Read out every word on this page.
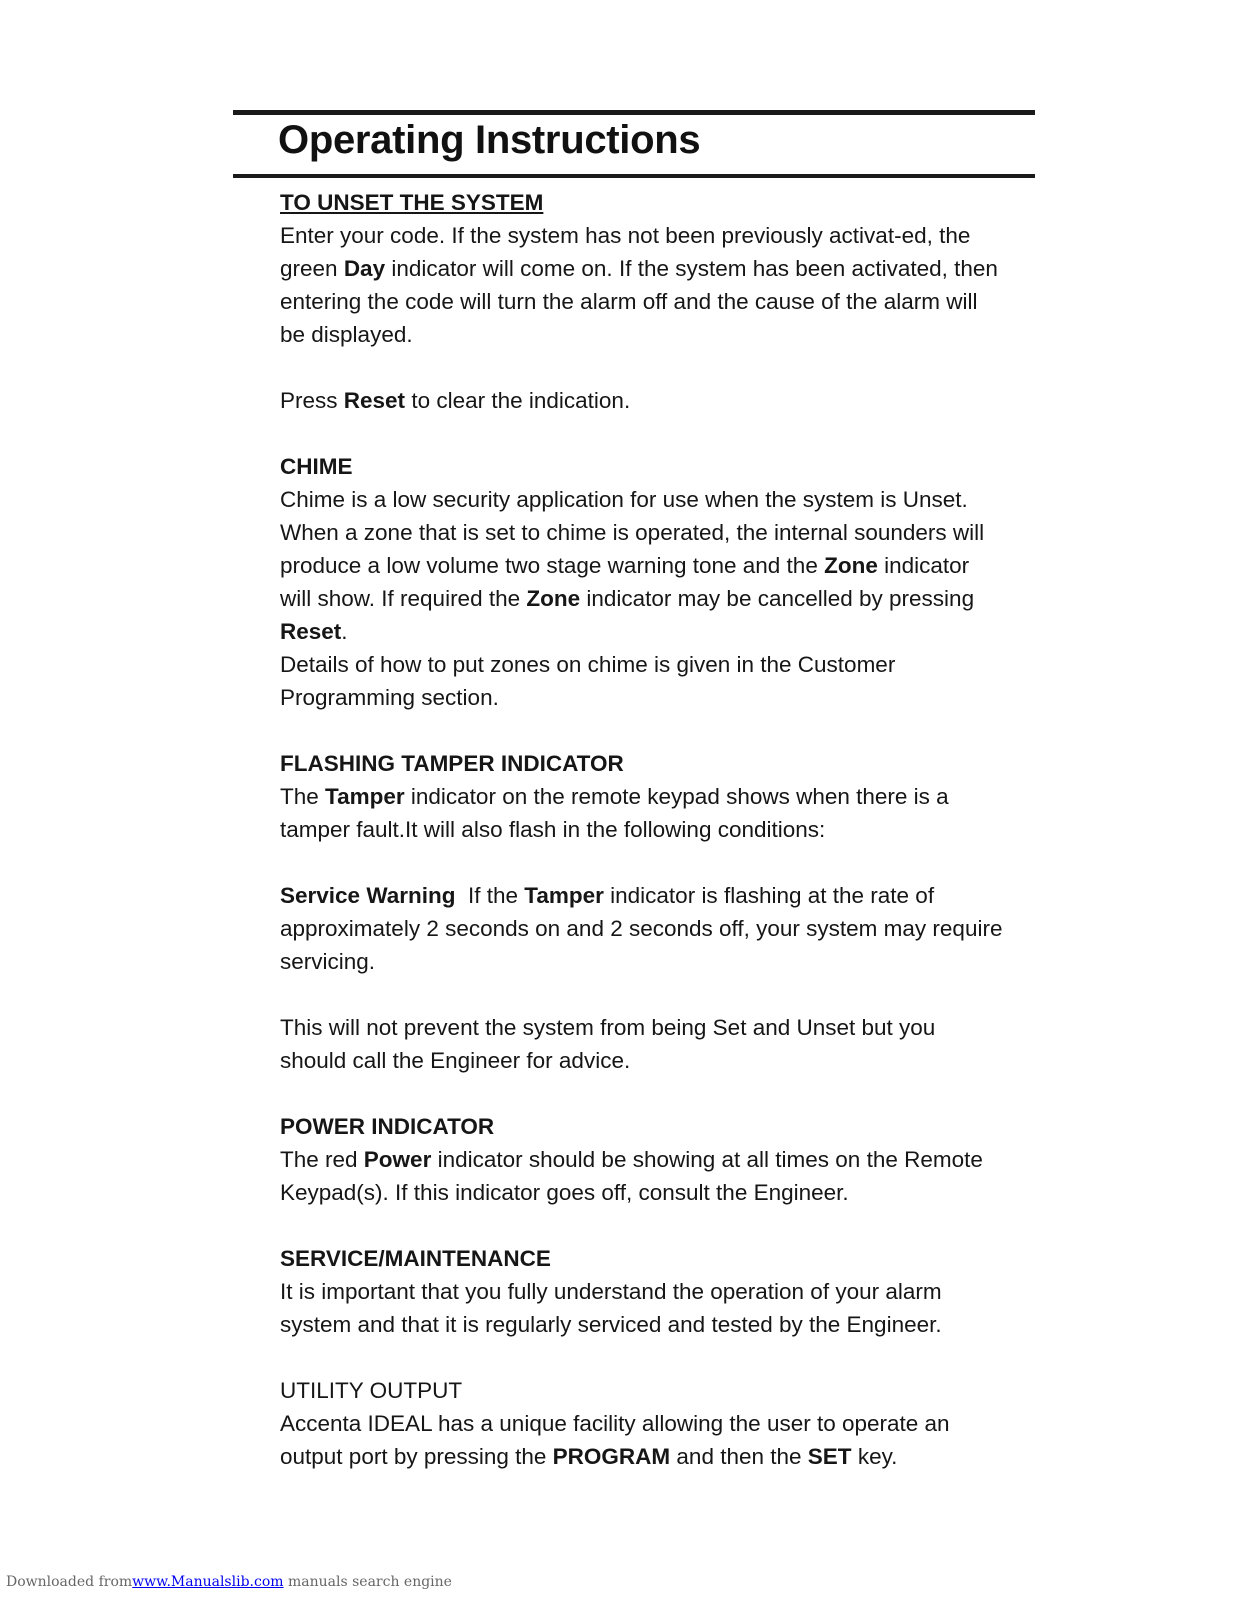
Operating Instructions

TO UNSET THE SYSTEM

Enter your code. If the system has not been previously activat-ed, the green Day indicator will come on. If the system has been activated, then entering the code will turn the alarm off and the cause of the alarm will be displayed.

Press Reset to clear the indication.

CHIME

Chime is a low security application for use when the system is Unset. When a zone that is set to chime is operated, the internal sounders will produce a low volume two stage warning tone and the Zone indicator will show. If required the Zone indicator may be cancelled by pressing Reset.

Details of how to put zones on chime is given in the Customer Programming section.

FLASHING TAMPER INDICATOR

The Tamper indicator on the remote keypad shows when there is a tamper fault.It will also flash in the following conditions:

Service Warning  If the Tamper indicator is flashing at the rate of approximately 2 seconds on and 2 seconds off, your system may require servicing.

This will not prevent the system from being Set and Unset but you should call the Engineer for advice.

POWER INDICATOR

The red Power indicator should be showing at all times on the Remote Keypad(s). If this indicator goes off, consult the Engineer.

SERVICE/MAINTENANCE

It is important that you fully understand the operation of your alarm system and that it is regularly serviced and tested by the Engineer.

UTILITY OUTPUT

Accenta IDEAL has a unique facility allowing the user to operate an output port by pressing the PROGRAM and then the SET key.

Downloaded fromwww.Manualslib.com manuals search engine
